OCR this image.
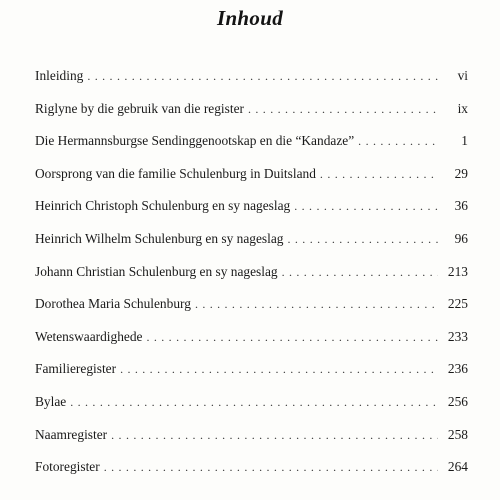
Inhoud
Inleiding . . .	vi
Riglyne by die gebruik van die register . . .	ix
Die Hermannsburgse Sendinggenootskap en die “Kandaze” . . .	1
Oorsprong van die familie Schulenburg in Duitsland . . .	29
Heinrich Christoph Schulenburg en sy nageslag . . .	36
Heinrich Wilhelm Schulenburg en sy nageslag . . .	96
Johann Christian Schulenburg en sy nageslag . . .	213
Dorothea Maria Schulenburg . . .	225
Wetenswaardighede . . .	233
Familieregister . . .	236
Bylae . . .	256
Naamregister . . .	258
Fotoregister . . .	264
